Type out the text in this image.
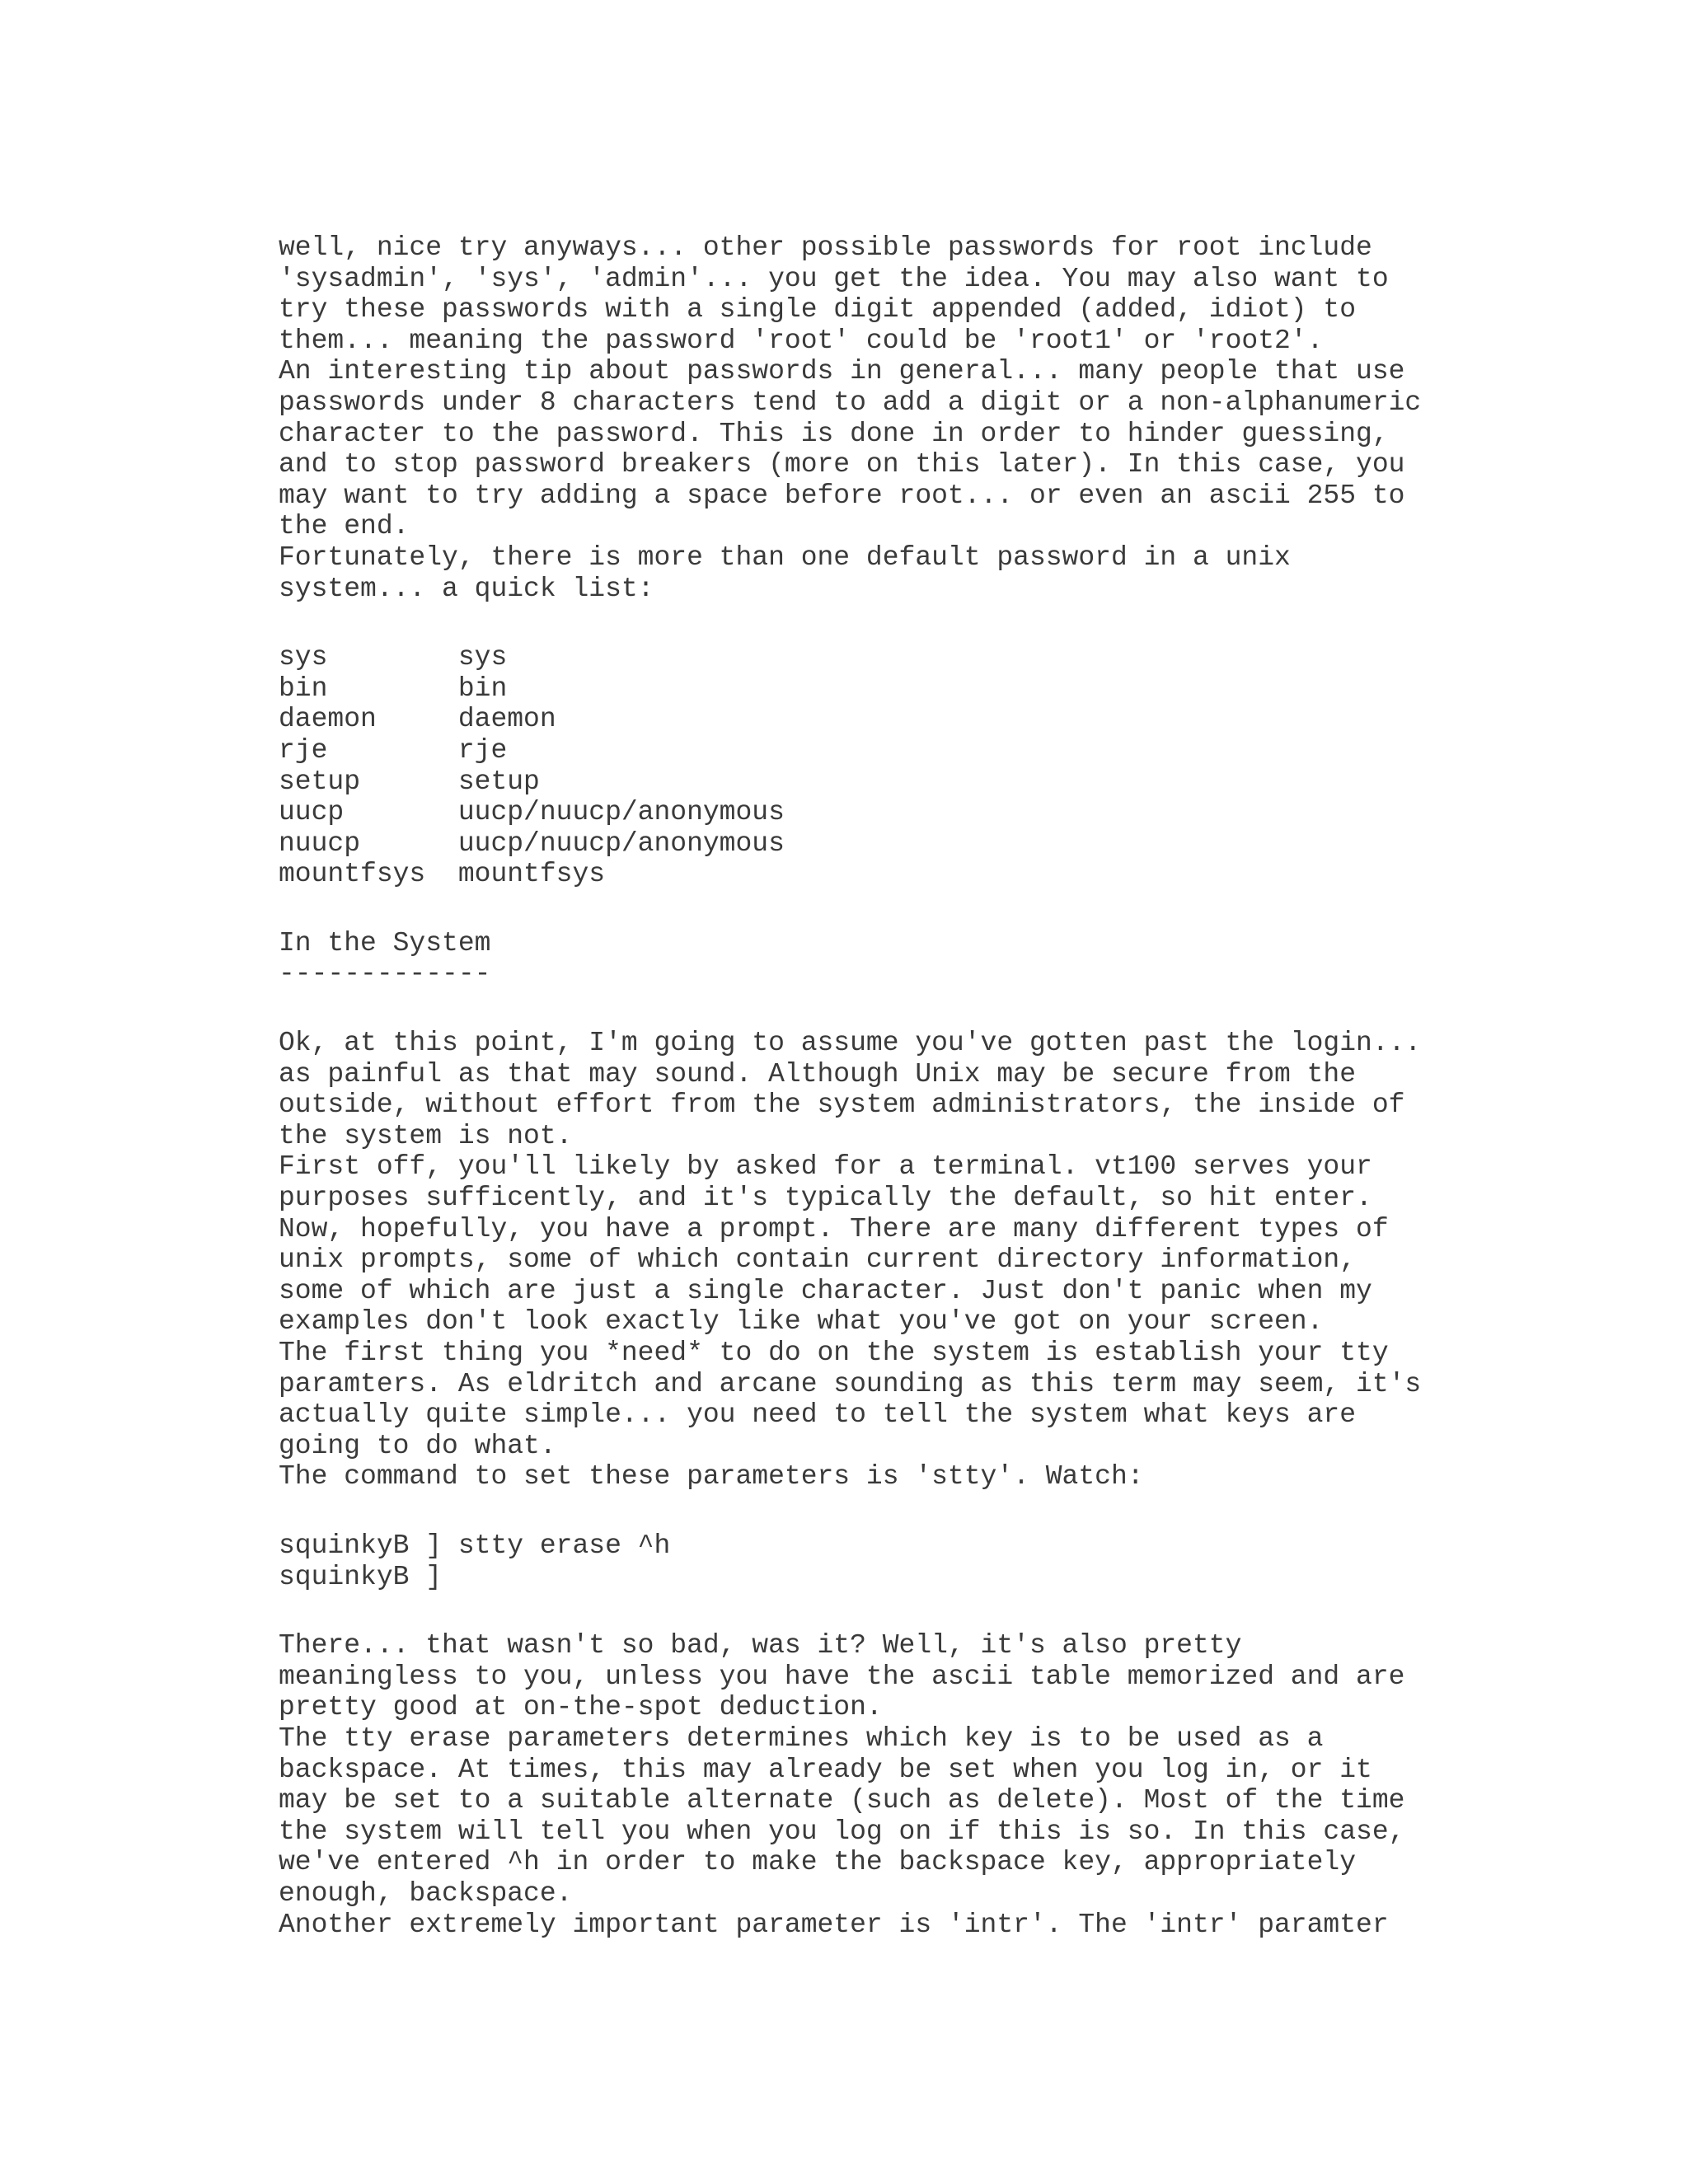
well, nice try anyways... other possible passwords for root include
'sysadmin', 'sys', 'admin'... you get the idea. You may also want to
try these passwords with a single digit appended (added, idiot) to
them... meaning the password 'root' could be 'root1' or 'root2'.
An interesting tip about passwords in general... many people that use
passwords under 8 characters tend to add a digit or a non-alphanumeric
character to the password. This is done in order to hinder guessing,
and to stop password breakers (more on this later). In this case, you
may want to try adding a space before root... or even an ascii 255 to
the end.
Fortunately, there is more than one default password in a unix
system... a quick list:
sys        sys
bin        bin
daemon     daemon
rje        rje
setup      setup
uucp       uucp/nuucp/anonymous
nuucp      uucp/nuucp/anonymous
mountfsys  mountfsys
In the System
-------------
Ok, at this point, I'm going to assume you've gotten past the login...
as painful as that may sound. Although Unix may be secure from the
outside, without effort from the system administrators, the inside of
the system is not.
First off, you'll likely by asked for a terminal. vt100 serves your
purposes sufficently, and it's typically the default, so hit enter.
Now, hopefully, you have a prompt. There are many different types of
unix prompts, some of which contain current directory information,
some of which are just a single character. Just don't panic when my
examples don't look exactly like what you've got on your screen.
The first thing you *need* to do on the system is establish your tty
paramters. As eldritch and arcane sounding as this term may seem, it's
actually quite simple... you need to tell the system what keys are
going to do what.
The command to set these parameters is 'stty'. Watch:
squinkyB ] stty erase ^h
squinkyB ]
There... that wasn't so bad, was it? Well, it's also pretty
meaningless to you, unless you have the ascii table memorized and are
pretty good at on-the-spot deduction.
The tty erase parameters determines which key is to be used as a
backspace. At times, this may already be set when you log in, or it
may be set to a suitable alternate (such as delete). Most of the time
the system will tell you when you log on if this is so. In this case,
we've entered ^h in order to make the backspace key, appropriately
enough, backspace.
Another extremely important parameter is 'intr'. The 'intr' paramter
